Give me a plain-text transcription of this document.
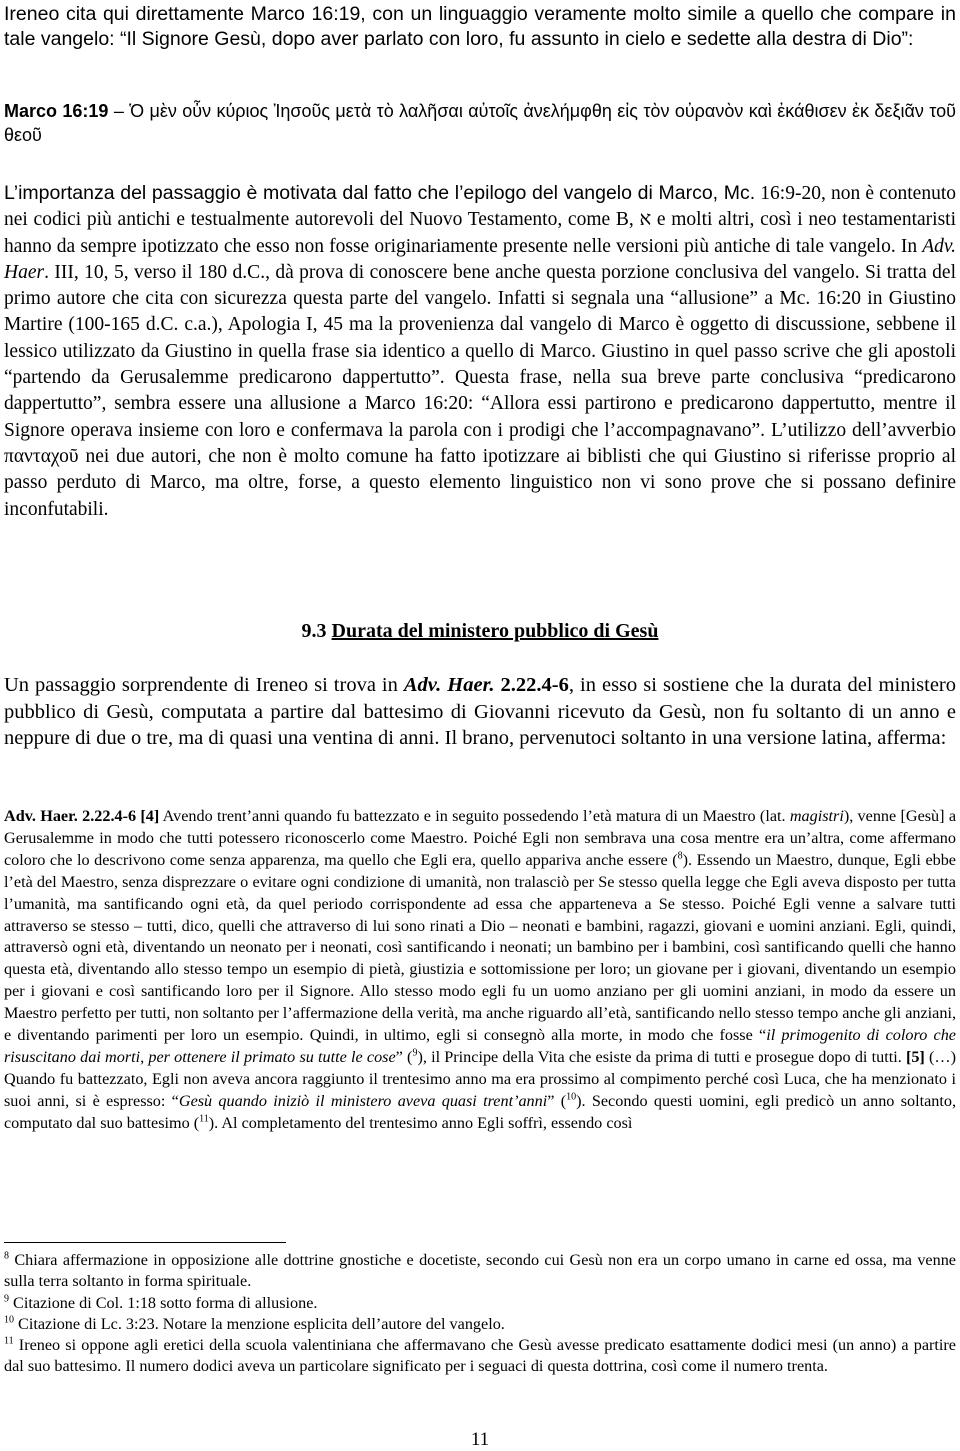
Ireneo cita qui direttamente Marco 16:19, con un linguaggio veramente molto simile a quello che compare in tale vangelo: “Il Signore Gesù, dopo aver parlato con loro, fu assunto in cielo e sedette alla destra di Dio”:

Marco 16:19 – Ὁ μὲν οὖν κύριος Ἰησοῦς μετὰ τὸ λαλῆσαι αὐτοῖς ἀνελήμφθη εἰς τὸν οὐρανὸν καὶ ἐκάθισεν ἐκ δεξιᾶν τοῦ θεοῦ

L’importanza del passaggio è motivata dal fatto che l’epilogo del vangelo di Marco, Mc. 16:9-20, non è contenuto nei codici più antichi e testualmente autorevoli del Nuovo Testamento, come B, א e molti altri, così i neo testamentaristi hanno da sempre ipotizzato che esso non fosse originariamente presente nelle versioni più antiche di tale vangelo. In Adv. Haer. III, 10, 5, verso il 180 d.C., dà prova di conoscere bene anche questa porzione conclusiva del vangelo. Si tratta del primo autore che cita con sicurezza questa parte del vangelo. Infatti si segnala una “allusione” a Mc. 16:20 in Giustino Martire (100-165 d.C. c.a.), Apologia I, 45 ma la provenienza dal vangelo di Marco è oggetto di discussione, sebbene il lessico utilizzato da Giustino in quella frase sia identico a quello di Marco. Giustino in quel passo scrive che gli apostoli “partendo da Gerusalemme predicarono dappertutto”. Questa frase, nella sua breve parte conclusiva “predicarono dappertutto”, sembra essere una allusione a Marco 16:20: “Allora essi partirono e predicarono dappertutto, mentre il Signore operava insieme con loro e confermava la parola con i prodigi che l’accompagnavano”. L’utilizzo dell’avverbio πανταχοῦ nei due autori, che non è molto comune ha fatto ipotizzare ai biblisti che qui Giustino si riferisse proprio al passo perduto di Marco, ma oltre, forse, a questo elemento linguistico non vi sono prove che si possano definire inconfutabili.

9.3 Durata del ministero pubblico di Gesù

Un passaggio sorprendente di Ireneo si trova in Adv. Haer. 2.22.4-6, in esso si sostiene che la durata del ministero pubblico di Gesù, computata a partire dal battesimo di Giovanni ricevuto da Gesù, non fu soltanto di un anno e neppure di due o tre, ma di quasi una ventina di anni. Il brano, pervenutoci soltanto in una versione latina, afferma:

Adv. Haer. 2.22.4-6 [4] Avendo trent’anni quando fu battezzato e in seguito possedendo l’età matura di un Maestro (lat. magistri), venne [Gesù] a Gerusalemme in modo che tutti potessero riconoscerlo come Maestro. Poiché Egli non sembrava una cosa mentre era un’altra, come affermano coloro che lo descrivono come senza apparenza, ma quello che Egli era, quello appariva anche essere ($^8$). Essendo un Maestro, dunque, Egli ebbe l’età del Maestro, senza disprezzare o evitare ogni condizione di umanità, non tralasciò per Se stesso quella legge che Egli aveva disposto per tutta l’umanità, ma santificando ogni età, da quel periodo corrispondente ad essa che apparteneva a Se stesso. Poiché Egli venne a salvare tutti attraverso se stesso – tutti, dico, quelli che attraverso di lui sono rinati a Dio – neonati e bambini, ragazzi, giovani e uomini anziani. Egli, quindi, attraversò ogni età, diventando un neonato per i neonati, così santificando i neonati; un bambino per i bambini, così santificando quelli che hanno questa età, diventando allo stesso tempo un esempio di pietà, giustizia e sottomissione per loro; un giovane per i giovani, diventando un esempio per i giovani e così santificando loro per il Signore. Allo stesso modo egli fu un uomo anziano per gli uomini anziani, in modo da essere un Maestro perfetto per tutti, non soltanto per l’affermazione della verità, ma anche riguardo all’età, santificando nello stesso tempo anche gli anziani, e diventando parimenti per loro un esempio. Quindi, in ultimo, egli si consegnò alla morte, in modo che fosse “il primogenito di coloro che risuscitano dai morti, per ottenere il primato su tutte le cose” ($^9$), il Principe della Vita che esiste da prima di tutti e prosegue dopo di tutti. [5] (…) Quando fu battezzato, Egli non aveva ancora raggiunto il trentesimo anno ma era prossimo al compimento perché così Luca, che ha menzionato i suoi anni, si è espresso: “Gesù quando iniziò il ministero aveva quasi trent’anni” ($^{10}$). Secondo questi uomini, egli predicò un anno soltanto, computato dal suo battesimo ($^{11}$). Al completamento del trentesimo anno Egli soffrì, essendo così

$^8$ Chiara affermazione in opposizione alle dottrine gnostiche e docetiste, secondo cui Gesù non era un corpo umano in carne ed ossa, ma venne sulla terra soltanto in forma spirituale.

$^9$ Citazione di Col. 1:18 sotto forma di allusione.

$^{10}$ Citazione di Lc. 3:23. Notare la menzione esplicita dell’autore del vangelo.

$^{11}$ Ireneo si oppone agli eretici della scuola valentiniana che affermavano che Gesù avesse predicato esattamente dodici mesi (un anno) a partire dal suo battesimo. Il numero dodici aveva un particolare significato per i seguaci di questa dottrina, così come il numero trenta.

11
